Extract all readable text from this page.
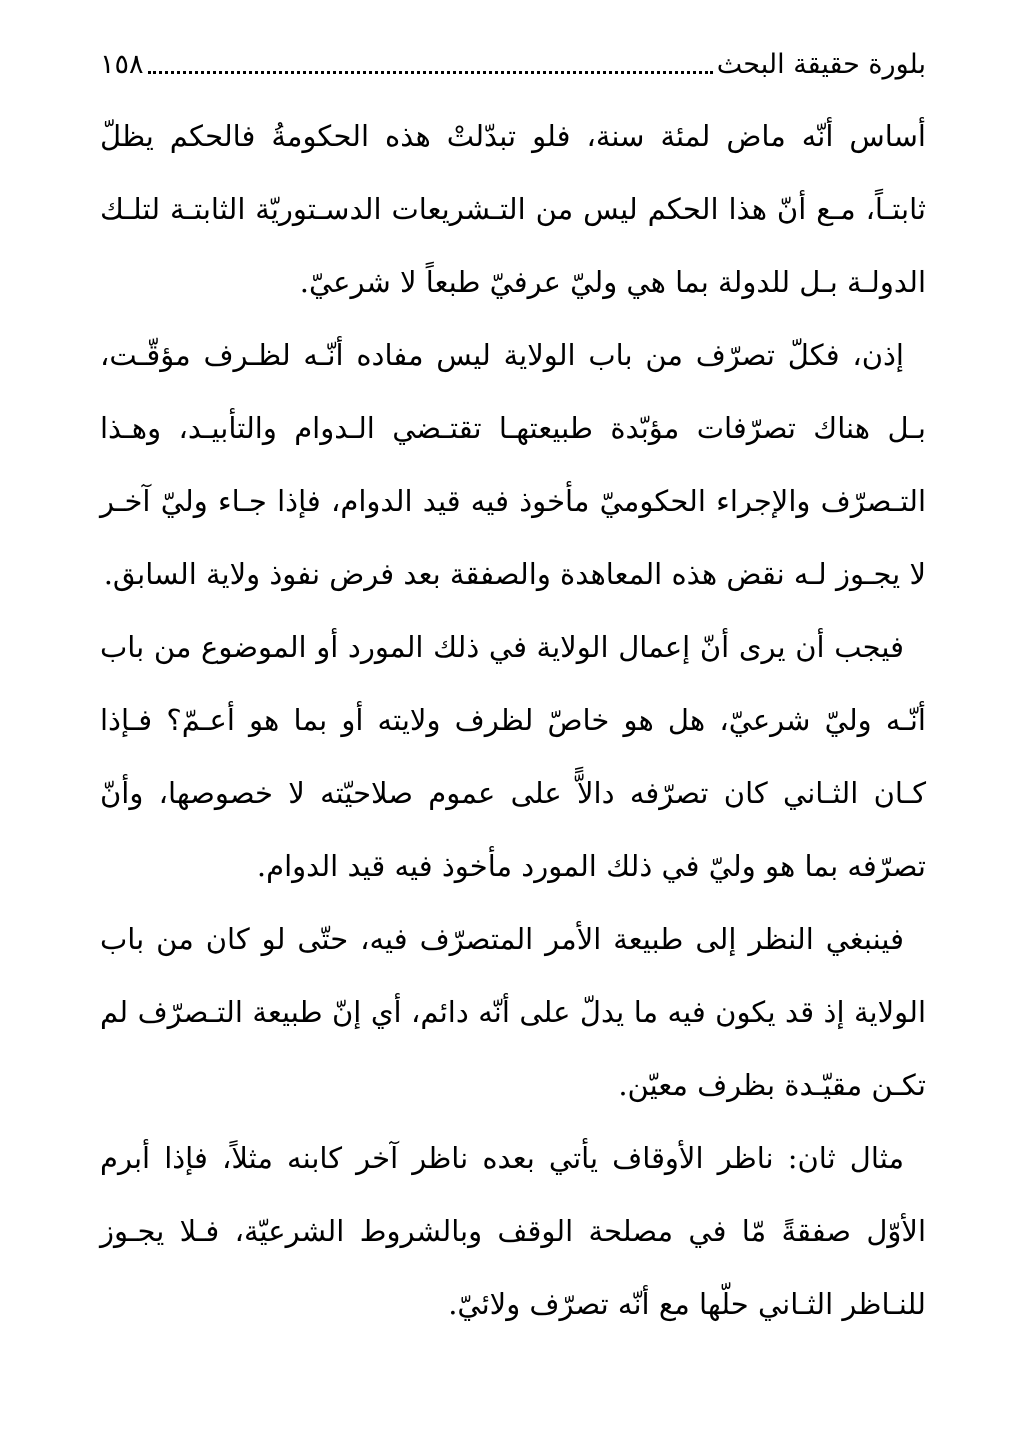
بلورة حقيقة البحث
١٥٨

أساس أنّه ماض لمئة سنة، فلو تبدّلتْ هذه الحكومةُ فالحكم يظلّ ثابتـاً، مـع أنّ هذا الحكم ليس من التـشريعات الدسـتوريّة الثابتـة لتلـك الدولـة بـل للدولة بما هي وليّ عرفيّ طبعاً لا شرعيّ.

إذن، فكلّ تصرّف من باب الولاية ليس مفاده أنّـه لظـرف مؤقّـت، بـل هناك تصرّفات مؤبّدة طبيعتهـا تقتـضي الـدوام والتأبيـد، وهـذا التـصرّف والإجراء الحكوميّ مأخوذ فيه قيد الدوام، فإذا جـاء وليّ آخـر لا يجـوز لـه نقض هذه المعاهدة والصفقة بعد فرض نفوذ ولاية السابق.

فيجب أن يرى أنّ إعمال الولاية في ذلك المورد أو الموضوع من باب أنّـه وليّ شرعيّ، هل هو خاصّ لظرف ولايته أو بما هو أعـمّ؟ فـإذا كـان الثـاني كان تصرّفه دالاًّ على عموم صلاحيّته لا خصوصها، وأنّ تصرّفه بما هو وليّ في ذلك المورد مأخوذ فيه قيد الدوام.

فينبغي النظر إلى طبيعة الأمر المتصرّف فيه، حتّى لو كان من باب الولاية إذ قد يكون فيه ما يدلّ على أنّه دائم، أي إنّ طبيعة التـصرّف لم تكـن مقيّـدة بظرف معيّن.

مثال ثان: ناظر الأوقاف يأتي بعده ناظر آخر كابنه مثلاً، فإذا أبرم الأوّل صفقةً مّا في مصلحة الوقف وبالشروط الشرعيّة، فـلا يجـوز للنـاظر الثـاني حلّها مع أنّه تصرّف ولائيّ.
